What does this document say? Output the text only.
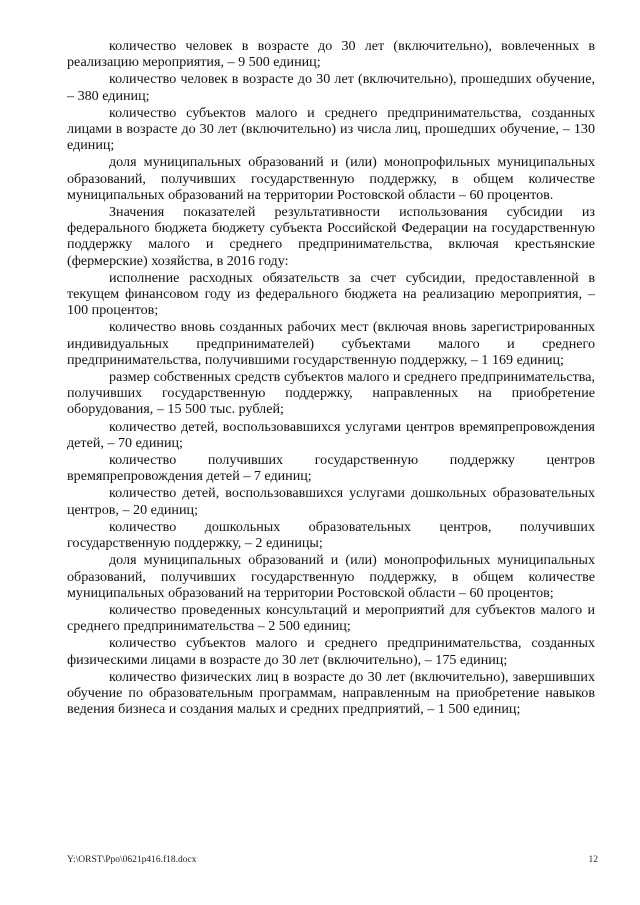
количество человек в возрасте до 30 лет (включительно), вовлеченных в реализацию мероприятия, – 9 500 единиц;

количество человек в возрасте до 30 лет (включительно), прошедших обучение, – 380 единиц;

количество субъектов малого и среднего предпринимательства, созданных лицами в возрасте до 30 лет (включительно) из числа лиц, прошедших обучение, – 130 единиц;

доля муниципальных образований и (или) монопрофильных муниципальных образований, получивших государственную поддержку, в общем количестве муниципальных образований на территории Ростовской области – 60 процентов.

Значения показателей результативности использования субсидии из федерального бюджета бюджету субъекта Российской Федерации на государственную поддержку малого и среднего предпринимательства, включая крестьянские (фермерские) хозяйства, в 2016 году:

исполнение расходных обязательств за счет субсидии, предоставленной в текущем финансовом году из федерального бюджета на реализацию мероприятия, – 100 процентов;

количество вновь созданных рабочих мест (включая вновь зарегистрированных индивидуальных предпринимателей) субъектами малого и среднего предпринимательства, получившими государственную поддержку, – 1 169 единиц;

размер собственных средств субъектов малого и среднего предпринимательства, получивших государственную поддержку, направленных на приобретение оборудования, – 15 500 тыс. рублей;

количество детей, воспользовавшихся услугами центров времяпрепровождения детей, – 70 единиц;

количество получивших государственную поддержку центров времяпрепровождения детей – 7 единиц;

количество детей, воспользовавшихся услугами дошкольных образовательных центров, – 20 единиц;

количество дошкольных образовательных центров, получивших государственную поддержку, – 2 единицы;

доля муниципальных образований и (или) монопрофильных муниципальных образований, получивших государственную поддержку, в общем количестве муниципальных образований на территории Ростовской области – 60 процентов;

количество проведенных консультаций и мероприятий для субъектов малого и среднего предпринимательства – 2 500 единиц;

количество субъектов малого и среднего предпринимательства, созданных физическими лицами в возрасте до 30 лет (включительно), – 175 единиц;

количество физических лиц в возрасте до 30 лет (включительно), завершивших обучение по образовательным программам, направленным на приобретение навыков ведения бизнеса и создания малых и средних предприятий, – 1 500 единиц;

Y:\ORST\Ppo\0621p416.f18.docx	12
